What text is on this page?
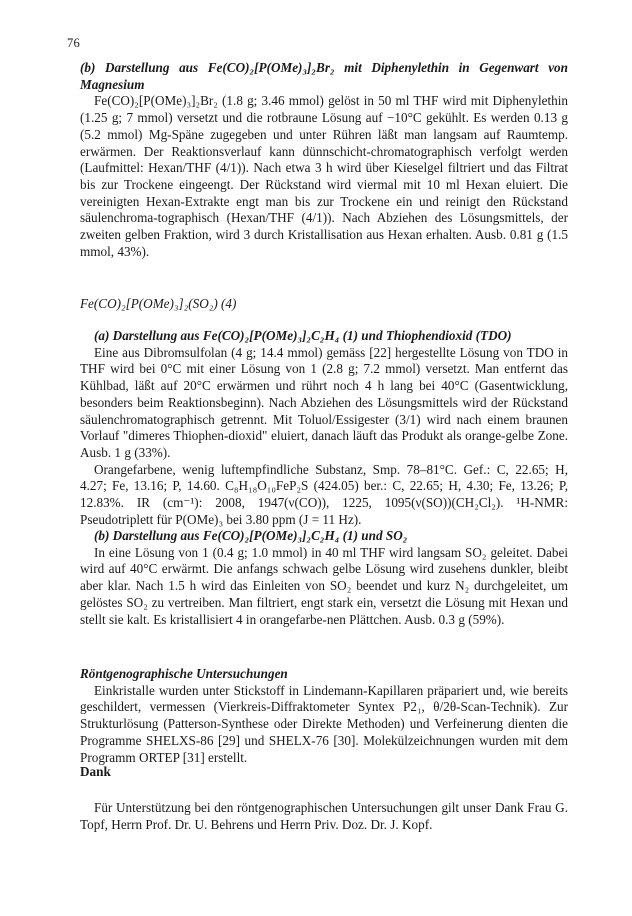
76

(b) Darstellung aus Fe(CO)₂[P(OMe)₃]₂Br₂ mit Diphenylethin in Gegenwart von Magnesium

Fe(CO)₂[P(OMe)₃]₂Br₂ (1.8 g; 3.46 mmol) gelöst in 50 ml THF wird mit Diphenylethin (1.25 g; 7 mmol) versetzt und die rotbraune Lösung auf −10°C gekühlt. Es werden 0.13 g (5.2 mmol) Mg-Späne zugegeben und unter Rühren läßt man langsam auf Raumtemp. erwärmen. Der Reaktionsverlauf kann dünnschicht-chromatographisch verfolgt werden (Laufmittel: Hexan/THF (4/1)). Nach etwa 3 h wird über Kieselgel filtriert und das Filtrat bis zur Trockene eingeengt. Der Rückstand wird viermal mit 10 ml Hexan eluiert. Die vereinigten Hexan-Extrakte engt man bis zur Trockene ein und reinigt den Rückstand säulenchroma-tographisch (Hexan/THF (4/1)). Nach Abziehen des Lösungsmittels, der zweiten gelben Fraktion, wird 3 durch Kristallisation aus Hexan erhalten. Ausb. 0.81 g (1.5 mmol, 43%).

Fe(CO)₂[P(OMe)₃]₂(SO₂) (4)

(a) Darstellung aus Fe(CO)₂[P(OMe)₃]₂C₂H₄ (1) und Thiophendioxid (TDO)

Eine aus Dibromsulfolan (4 g; 14.4 mmol) gemäss [22] hergestellte Lösung von TDO in THF wird bei 0°C mit einer Lösung von 1 (2.8 g; 7.2 mmol) versetzt. Man entfernt das Kühlbad, läßt auf 20°C erwärmen und rührt noch 4 h lang bei 40°C (Gasentwicklung, besonders beim Reaktionsbeginn). Nach Abziehen des Lösungsmittels wird der Rückstand säulenchromatographisch getrennt. Mit Toluol/Essigester (3/1) wird nach einem braunen Vorlauf "dimeres Thiophen-dioxid" eluiert, danach läuft das Produkt als orange-gelbe Zone. Ausb. 1 g (33%).

Orangefarbene, wenig luftempfindliche Substanz, Smp. 78–81°C. Gef.: C, 22.65; H, 4.27; Fe, 13.16; P, 14.60. C₈H₁₈O₁₀FeP₂S (424.05) ber.: C, 22.65; H, 4.30; Fe, 13.26; P, 12.83%. IR (cm⁻¹): 2008, 1947(ν(CO)), 1225, 1095(ν(SO))(CH₂Cl₂). ¹H-NMR: Pseudotriplett für P(OMe)₃ bei 3.80 ppm (J = 11 Hz).

(b) Darstellung aus Fe(CO)₂[P(OMe)₃]₂C₂H₄ (1) und SO₂

In eine Lösung von 1 (0.4 g; 1.0 mmol) in 40 ml THF wird langsam SO₂ geleitet. Dabei wird auf 40°C erwärmt. Die anfangs schwach gelbe Lösung wird zusehens dunkler, bleibt aber klar. Nach 1.5 h wird das Einleiten von SO₂ beendet und kurz N₂ durchgeleitet, um gelöstes SO₂ zu vertreiben. Man filtriert, engt stark ein, versetzt die Lösung mit Hexan und stellt sie kalt. Es kristallisiert 4 in orangefarbe-nen Plättchen. Ausb. 0.3 g (59%).

Röntgenographische Untersuchungen

Einkristalle wurden unter Stickstoff in Lindemann-Kapillaren präpariert und, wie bereits geschildert, vermessen (Vierkreis-Diffraktometer Syntex P2₁, θ/2θ-Scan-Technik). Zur Strukturlösung (Patterson-Synthese oder Direkte Methoden) und Verfeinerung dienten die Programme SHELXS-86 [29] und SHELX-76 [30]. Molekülzeichnungen wurden mit dem Programm ORTEP [31] erstellt.

Dank

Für Unterstützung bei den röntgenographischen Untersuchungen gilt unser Dank Frau G. Topf, Herrn Prof. Dr. U. Behrens und Herrn Priv. Doz. Dr. J. Kopf.
